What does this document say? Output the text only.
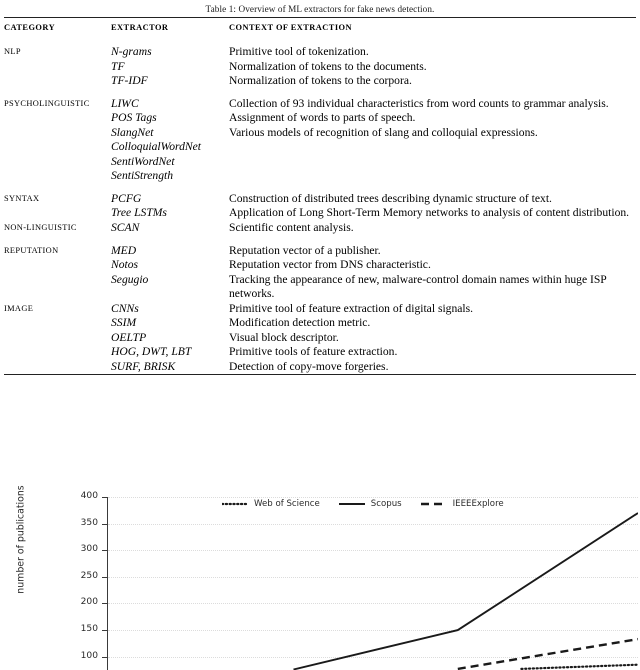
Table 1: Overview of ML extractors for fake news detection.
CATEGORY	EXTRACTOR	CONTEXT OF EXTRACTION
NLP	N-grams	Primitive tool of tokenization.
	TF	Normalization of tokens to the documents.
	TF-IDF	Normalization of tokens to the corpora.
PSYCHOLINGUISTIC	LIWC	Collection of 93 individual characteristics from word counts to grammar analysis.
	POS Tags	Assignment of words to parts of speech.
	SlangNet	Various models of recognition of slang and colloquial expressions.
	ColloquialWordNet	
	SentiWordNet	
	SentiStrength	
SYNTAX	PCFG	Construction of distributed trees describing dynamic structure of text.
	Tree LSTMs	Application of Long Short-Term Memory networks to analysis of content distribution.
NON-LINGUISTIC	SCAN	Scientific content analysis.
REPUTATION	MED	Reputation vector of a publisher.
	Notos	Reputation vector from DNS characteristic.
	Segugio	Tracking the appearance of new, malware-control domain names within huge ISP networks.
IMAGE	CNNs	Primitive tool of feature extraction of digital signals.
	SSIM	Modification detection metric.
	OELTP	Visual block descriptor.
	HOG, DWT, LBT	Primitive tools of feature extraction.
	SURF, BRISK	Detection of copy-move forgeries.
number of publications	400
350
300
250
200
150
100
Web of Science	Scopus	IEEEExplore
